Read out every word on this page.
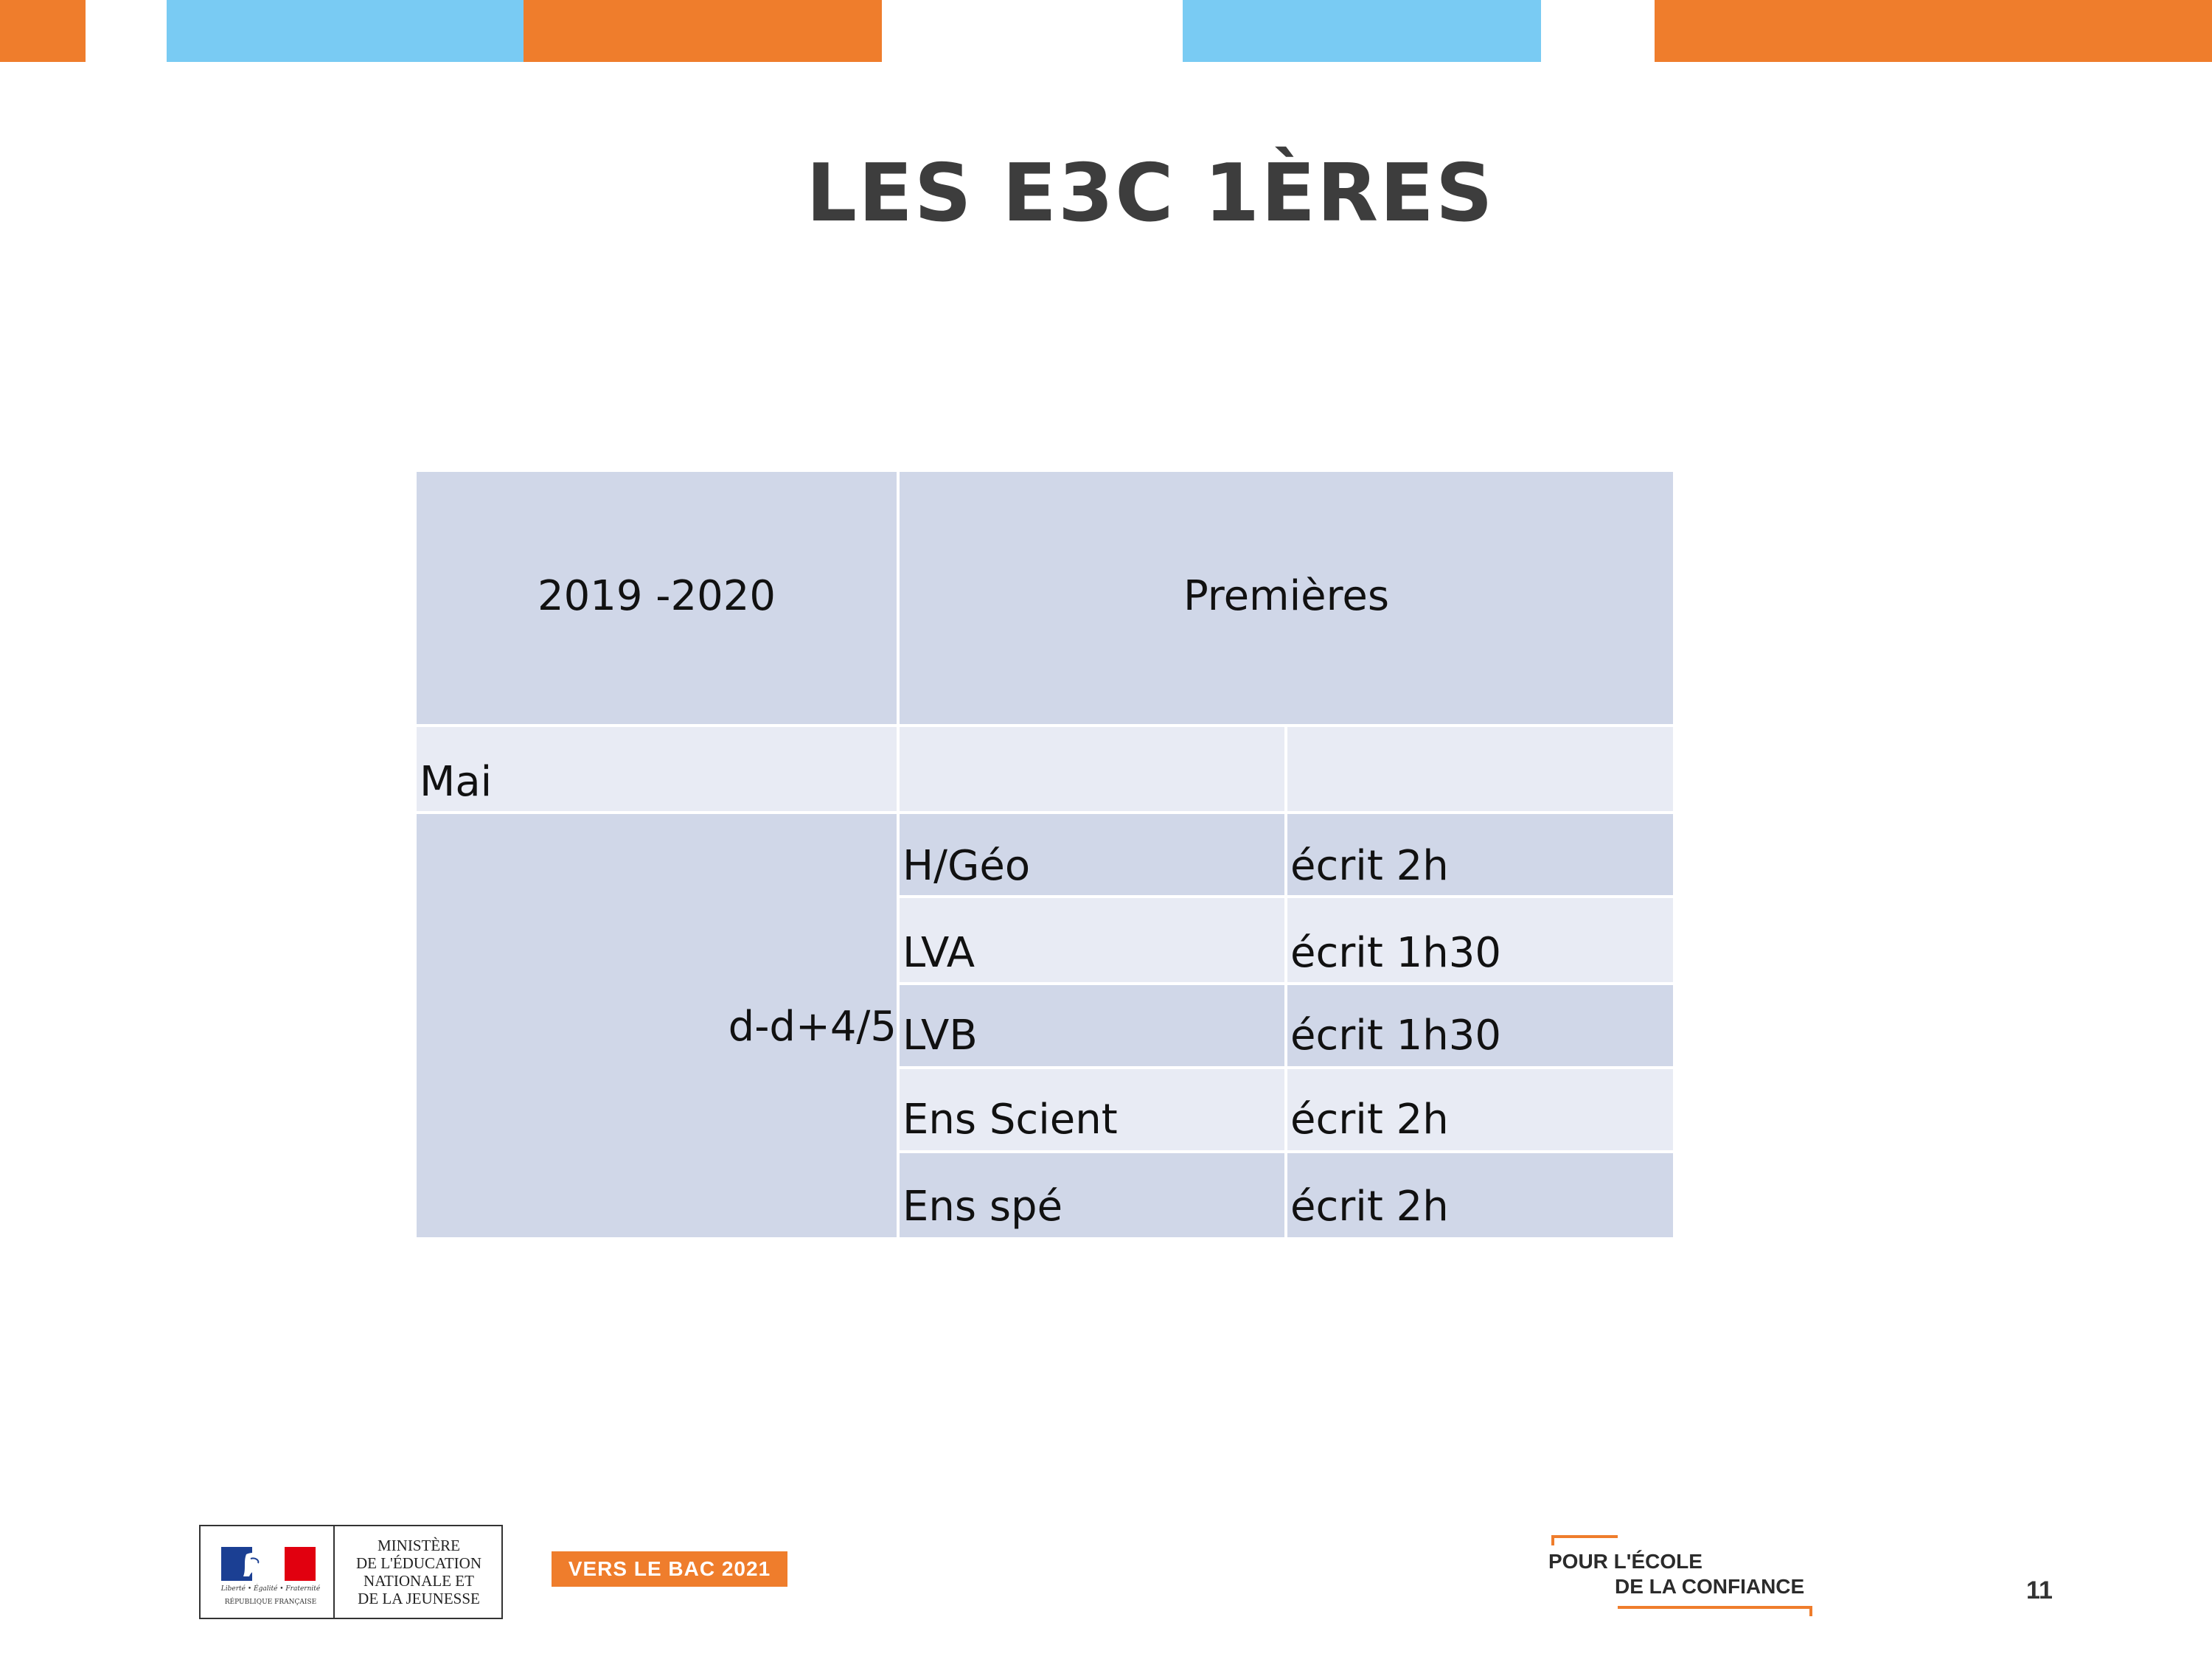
LES E3C 1ÈRES
2019 -2020	Premières
Mai
d-d+4/5
H/Géo	écrit 2h
LVA	écrit 1h30
LVB	écrit 1h30
Ens Scient	écrit 2h
Ens spé	écrit 2h
Liberté • Égalité • Fraternité
RÉPUBLIQUE FRANÇAISE
MINISTÈRE
DE L'ÉDUCATION
NATIONALE ET
DE LA JEUNESSE
VERS LE BAC 2021	POUR L'ÉCOLE
DE LA CONFIANCE	11
